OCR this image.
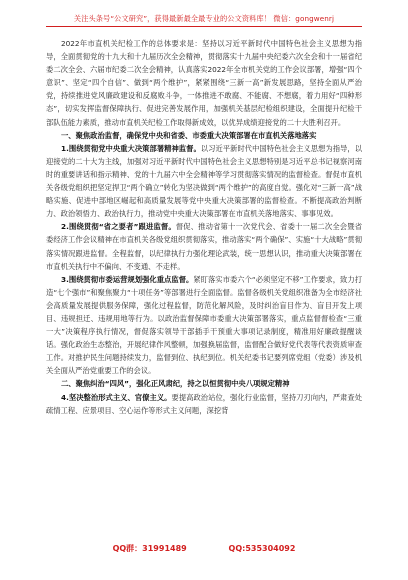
关注头条号“公文研究”，获得最新最全最专业的公文资料库！ 微信：gongwenrj

2022年市直机关纪检工作的总体要求是：坚持以习近平新时代中国特色社会主义思想为指导，全面贯彻党的十九大和十九届历次全会精神，贯彻落实十九届中央纪委六次全会和十一届省纪委二次全会、六届市纪委二次全会精神，认真落实2022年全市机关党的工作会议部署，增强“四个意识”、坚定“四个自信”、做到“两个维护”，紧紧围绕“三新一高”新发展思路，坚持全面从严治党，持续推进党风廉政建设和反腐败斗争，一体推进不敢腐、不能腐、不想腐，着力用好“四种形态”，切实发挥监督保障执行、促进完善发展作用，加强机关基层纪检组织建设，全面提升纪检干部队伍能力素质，推动市直机关纪检工作取得新成效，以优异成绩迎接党的二十大胜利召开。

一、聚焦政治监督，确保党中央和省委、市委重大决策部署在市直机关落地落实

1.围绕贯彻党中央重大决策部署精神监督。以习近平新时代中国特色社会主义思想为指导，以迎接党的二十大为主线，加强对习近平新时代中国特色社会主义思想特别是习近平总书记视察河南时的重要讲话和指示精神、党的十九届六中全会精神等学习贯彻落实情况的监督检查。督促市直机关各级党组织把坚定捍卫“两个确立”转化为坚决做到“两个维护”的高度自觉。强化对“三新一高”战略实施、促进中部地区崛起和高质量发展等党中央重大决策部署的监督检查。不断提高政治判断力、政治领悟力、政治执行力，推动党中央重大决策部署在市直机关落地落实、事事见效。

2.围绕贯彻“省之要者”跟进监督。督促、推动省第十一次党代会、省委十一届二次全会暨省委经济工作会议精神在市直机关各级党组织贯彻落实，推动落实“两个确保”、实施“十大战略”贯彻落实情况跟进监督。全程监督，以纪律执行力强化理论武装，统一思想认识，推动重大决策部署在市直机关执行中不偏向、不变通、不走样。

3.围绕贯彻市委运营规划强化重点监督。紧盯落实市委六个“必须坚定不移”工作要求，致力打造“七个强市”和聚焦聚力“十项任务”等部署进行全面监督。监督各级机关党组织准备为全市经济社会高质量发展提供服务保障，强化过程监督，防范化解风险，及时纠治盲目作为、盲目开发上项目、违规担迁、违规用地等行为。以政治监督保障市委重大决策部署落实，重点监督督检查“三重一大”决策程序执行情况，督促落实领导干部插手干预重大事项记录制度，精准用好廉政提醒谈话。强化政治生态整治，开展纪律作风整顿，加强换届监督，监督配合做好党代表等代表资质审查工作。对推护民生问题持续发力，监督到位、执纪到位。机关纪委书记要列席党组（党委）涉及机关全面从严治党重要工作的会议。

二、聚焦纠治“四风”，强化正风肃纪，持之以恒贯彻中央八项规定精神

4.坚决整治形式主义、官僚主义。要提高政治站位，强化行业监督，坚持刀刃向内，严肃查处疏情工程、应景项目、空心运作等形式主义问题，深挖背

QQ群：31991489	QQ:535304092
